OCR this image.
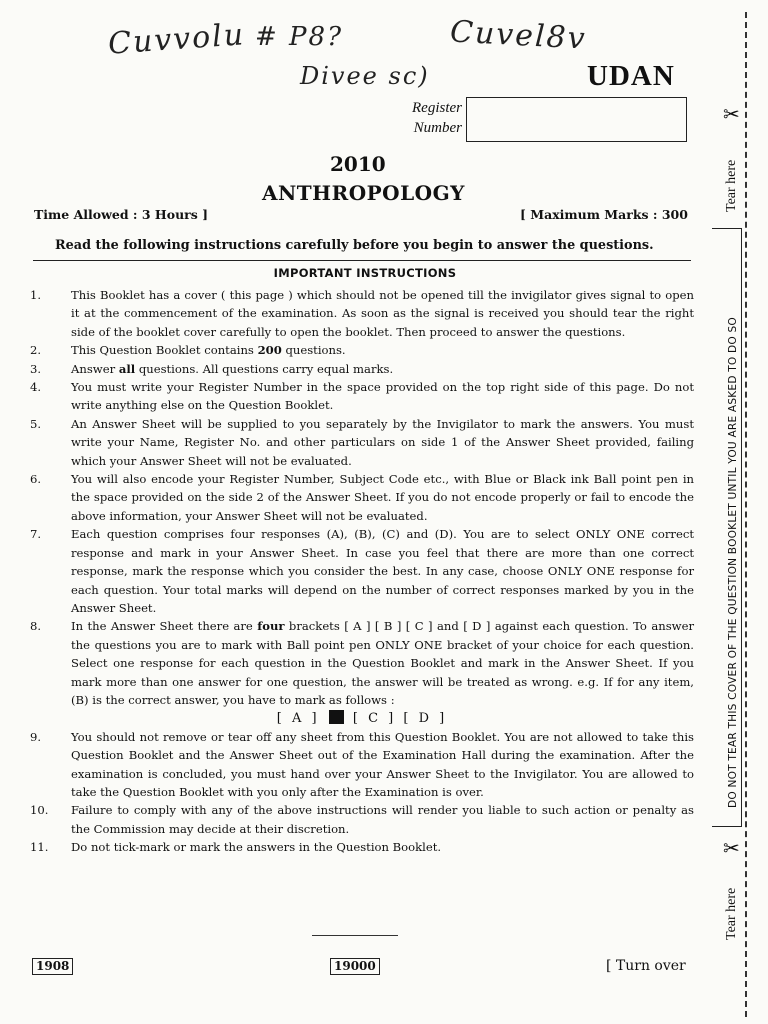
Cuvvolu # P8?	Cuvel8v
Divee sc)	UDAN
Register
Number
2010
ANTHROPOLOGY
Time Allowed : 3 Hours ]	[ Maximum Marks : 300
Read the following instructions carefully before you begin to answer the questions.
IMPORTANT INSTRUCTIONS
1.	This Booklet has a cover ( this page ) which should not be opened till the invigilator gives signal to open it at the commencement of the examination. As soon as the signal is received you should tear the right side of the booklet cover carefully to open the booklet. Then proceed to answer the questions.
2.	This Question Booklet contains 200 questions.
3.	Answer all questions. All questions carry equal marks.
4.	You must write your Register Number in the space provided on the top right side of this page. Do not write anything else on the Question Booklet.
5.	An Answer Sheet will be supplied to you separately by the Invigilator to mark the answers. You must write your Name, Register No. and other particulars on side 1 of the Answer Sheet provided, failing which your Answer Sheet will not be evaluated.
6.	You will also encode your Register Number, Subject Code etc., with Blue or Black ink Ball point pen in the space provided on the side 2 of the Answer Sheet. If you do not encode properly or fail to encode the above information, your Answer Sheet will not be evaluated.
7.	Each question comprises four responses (A), (B), (C) and (D). You are to select ONLY ONE correct response and mark in your Answer Sheet. In case you feel that there are more than one correct response, mark the response which you consider the best. In any case, choose ONLY ONE response for each question. Your total marks will depend on the number of correct responses marked by you in the Answer Sheet.
8.	In the Answer Sheet there are four brackets [ A ] [ B ] [ C ] and [ D ] against each question. To answer the questions you are to mark with Ball point pen ONLY ONE bracket of your choice for each question. Select one response for each question in the Question Booklet and mark in the Answer Sheet. If you mark more than one answer for one question, the answer will be treated as wrong. e.g. If for any item, (B) is the correct answer, you have to mark as follows :
[ A ]	[ C ] [ D ]
9.	You should not remove or tear off any sheet from this Question Booklet. You are not allowed to take this Question Booklet and the Answer Sheet out of the Examination Hall during the examination. After the examination is concluded, you must hand over your Answer Sheet to the Invigilator. You are allowed to take the Question Booklet with you only after the Examination is over.
10.	Failure to comply with any of the above instructions will render you liable to such action or penalty as the Commission may decide at their discretion.
11.	Do not tick-mark or mark the answers in the Question Booklet.
1908	19000	[ Turn over
✂
Tear here
DO NOT TEAR THIS COVER OF THE QUESTION BOOKLET UNTIL YOU ARE ASKED TO DO SO
✂
Tear here
